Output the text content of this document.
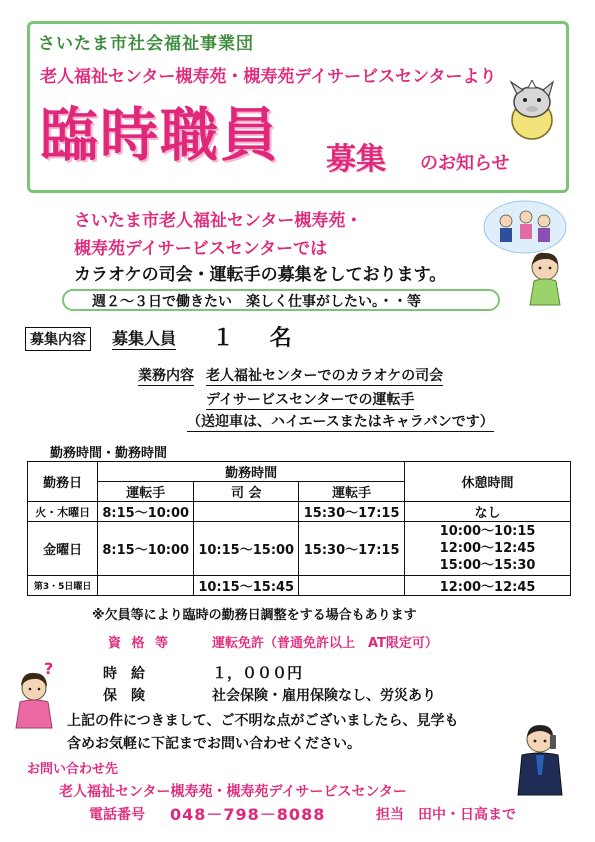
さいたま市社会福祉事業団
老人福祉センター槻寿苑・槻寿苑デイサービスセンターより
臨時職員 募集 のお知らせ
さいたま市老人福祉センター槻寿苑・
槻寿苑デイサービスセンターでは
カラオケの司会・運転手の募集をしております。
週２～３日で働きたい　楽しく仕事がしたい。・・等
募集内容	募集人員 １ 名
業務内容 老人福祉センターでのカラオケの司会
デイサービスセンターでの運転手
（送迎車は、ハイエースまたはキャラバンです）
勤務時間・勤務時間
勤務日	勤務時間			休憩時間
	運転手	司 会	運転手	
火・木曜日	8:15～10:00		15:30～17:15	なし
金曜日	8:15～10:00	10:15～15:00	15:30～17:15	10:00～10:15
12:00～12:45
15:00～15:30

第3・5日曜日		10:15～15:45		12:00～12:45
※欠員等により臨時の勤務日調整をする場合もあります
資 格 等	運転免許（普通免許以上　AT限定可）
時給	１，０００円
保険	社会保険・雇用保険なし、労災あり
?
上記の件につきまして、ご不明な点がございましたら、見学も
含めお気軽に下記までお問い合わせください。
お問い合わせ先
老人福祉センター槻寿苑・槻寿苑デイサービスセンター
電話番号 048－798－8088	担当　田中・日高まで
